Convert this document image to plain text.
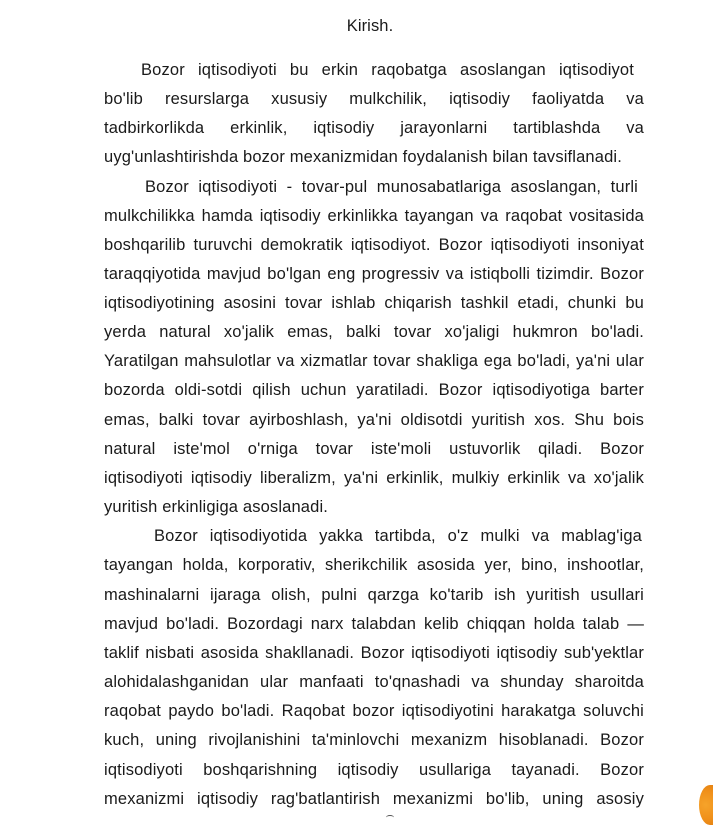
Kirish.
Bozor iqtisodiyoti bu erkin raqobatga asoslangan iqtisodiyot
bo'lib resurslarga xususiy mulkchilik, iqtisodiy faoliyatda va
tadbirkorlikda erkinlik, iqtisodiy jarayonlarni tartiblashda va
uyg'unlashtirishda bozor mexanizmidan foydalanish bilan tavsiflanadi.
Bozor iqtisodiyoti - tovar-pul munosabatlariga asoslangan, turli
mulkchilikka hamda iqtisodiy erkinlikka tayangan va raqobat vositasida
boshqarilib turuvchi demokratik iqtisodiyot. Bozor iqtisodiyoti insoniyat
taraqqiyotida mavjud bo'lgan eng progressiv va istiqbolli tizimdir. Bozor
iqtisodiyotining asosini tovar ishlab chiqarish tashkil etadi, chunki bu
yerda natural xo'jalik emas, balki tovar xo'jaligi hukmron bo'ladi.
Yaratilgan mahsulotlar va xizmatlar tovar shakliga ega bo'ladi, ya'ni ular
bozorda oldi-sotdi qilish uchun yaratiladi. Bozor iqtisodiyotiga barter
emas, balki tovar ayirboshlash, ya'ni oldisotdi yuritish xos. Shu bois
natural iste'mol o'rniga tovar iste'moli ustuvorlik qiladi. Bozor
iqtisodiyoti iqtisodiy liberalizm, ya'ni erkinlik, mulkiy erkinlik va xo'jalik
yuritish erkinligiga asoslanadi.
Bozor iqtisodiyotida yakka tartibda, o'z mulki va mablag'iga
tayangan holda, korporativ, sherikchilik asosida yer, bino, inshootlar,
mashinalarni ijaraga olish, pulni qarzga ko'tarib ish yuritish usullari
mavjud bo'ladi. Bozordagi narx talabdan kelib chiqqan holda talab —
taklif nisbati asosida shakllanadi. Bozor iqtisodiyoti iqtisodiy sub'yektlar
alohidalashganidan ular manfaati to'qnashadi va shunday sharoitda
raqobat paydo bo'ladi. Raqobat bozor iqtisodiyotini harakatga soluvchi
kuch, uning rivojlanishini ta'minlovchi mexanizm hisoblanadi. Bozor
iqtisodiyoti boshqarishning iqtisodiy usullariga tayanadi. Bozor
mexanizmi iqtisodiy rag'batlantirish mexanizmi bo'lib, uning asosiy
